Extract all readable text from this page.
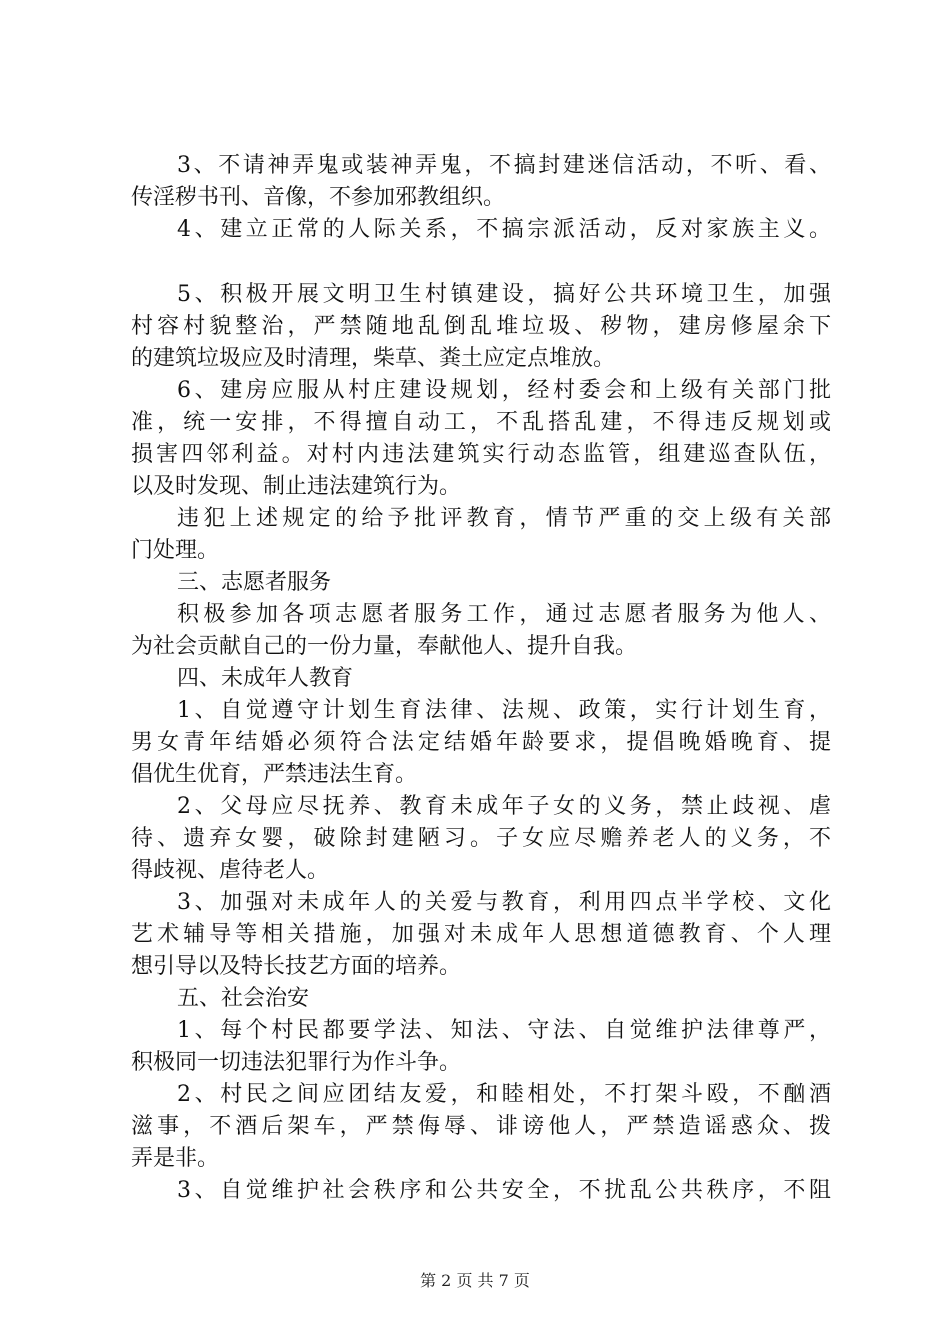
3、不请神弄鬼或装神弄鬼，不搞封建迷信活动，不听、看、
传淫秽书刊、音像，不参加邪教组织。
4、建立正常的人际关系，不搞宗派活动，反对家族主义。
5、积极开展文明卫生村镇建设，搞好公共环境卫生，加强
村容村貌整治，严禁随地乱倒乱堆垃圾、秽物，建房修屋余下
的建筑垃圾应及时清理，柴草、粪土应定点堆放。
6、建房应服从村庄建设规划，经村委会和上级有关部门批
准，统一安排，不得擅自动工，不乱搭乱建，不得违反规划或
损害四邻利益。对村内违法建筑实行动态监管，组建巡查队伍，
以及时发现、制止违法建筑行为。
违犯上述规定的给予批评教育，情节严重的交上级有关部
门处理。
三、志愿者服务
积极参加各项志愿者服务工作，通过志愿者服务为他人、
为社会贡献自己的一份力量，奉献他人、提升自我。
四、未成年人教育
1、自觉遵守计划生育法律、法规、政策，实行计划生育，
男女青年结婚必须符合法定结婚年龄要求，提倡晚婚晚育、提
倡优生优育，严禁违法生育。
2、父母应尽抚养、教育未成年子女的义务，禁止歧视、虐
待、遗弃女婴，破除封建陋习。子女应尽赡养老人的义务，不
得歧视、虐待老人。
3、加强对未成年人的关爱与教育，利用四点半学校、文化
艺术辅导等相关措施，加强对未成年人思想道德教育、个人理
想引导以及特长技艺方面的培养。
五、社会治安
1、每个村民都要学法、知法、守法、自觉维护法律尊严，
积极同一切违法犯罪行为作斗争。
2、村民之间应团结友爱，和睦相处，不打架斗殴，不酗酒
滋事，不酒后架车，严禁侮辱、诽谤他人，严禁造谣惑众、拨
弄是非。
3、自觉维护社会秩序和公共安全，不扰乱公共秩序，不阻
第 2 页 共 7 页
